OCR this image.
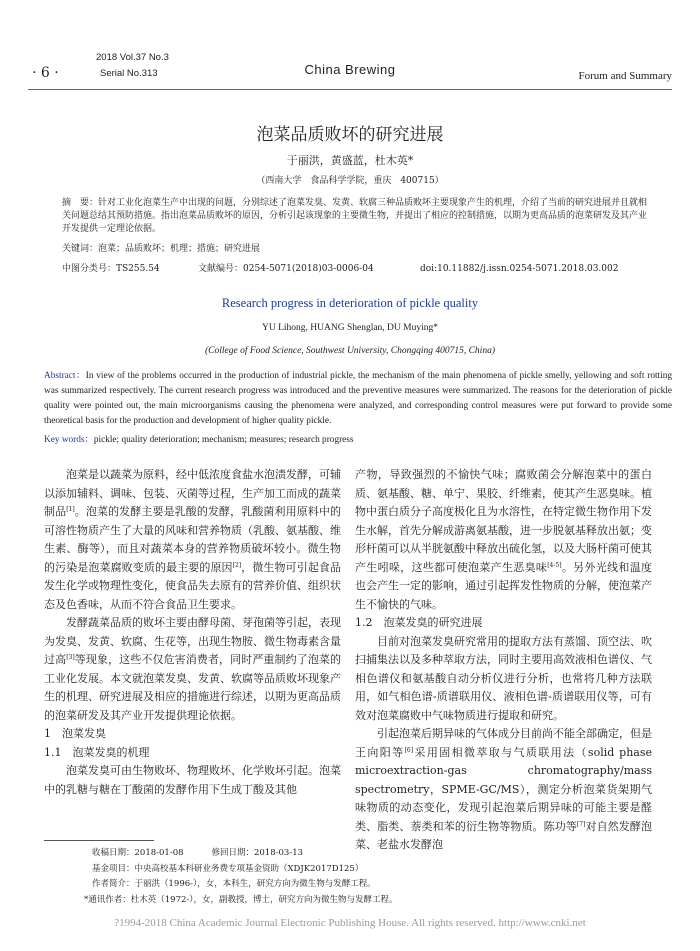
· 6 ·
2018 Vol.37 No.3
Serial No.313	China Brewing	Forum and Summary
泡菜品质败坏的研究进展
于丽洪，黄盛蓝，杜木英*
（西南大学　食品科学学院，重庆　400715）
摘　要：针对工业化泡菜生产中出现的问题，分别综述了泡菜发臭、发黄、软腐三种品质败坏主要现象产生的机理，介绍了当前的研究进展并且就相关问题总结其预防措施。指出泡菜品质败坏的原因，分析引起该现象的主要微生物，并提出了相应的控制措施，以期为更高品质的泡菜研发及其产业开发提供一定理论依据。
关键词：泡菜；品质败坏；机理；措施；研究进展
中图分类号：TS255.54	文献编号：0254-5071(2018)03-0006-04	doi:10.11882/j.issn.0254-5071.2018.03.002
Research progress in deterioration of pickle quality
YU Lihong, HUANG Shenglan, DU Muying*
(College of Food Science, Southwest University, Chongqing 400715, China)
Abstract：In view of the problems occurred in the production of industrial pickle, the mechanism of the main phenomena of pickle smelly, yellowing and soft rotting was summarized respectively. The current research progress was introduced and the preventive measures were summarized. The reasons for the deterioration of pickle quality were pointed out, the main microorganisms causing the phenomena were analyzed, and corresponding control measures were put forward to provide some theoretical basis for the production and development of higher quality pickle.
Key words：pickle; quality deterioration; mechanism; measures; research progress

泡菜是以蔬菜为原料，经中低浓度食盐水泡渍发酵，可辅以添加辅料、调味、包装、灭菌等过程，生产加工而成的蔬菜制品[1]。泡菜的发酵主要是乳酸的发酵，乳酸菌利用原料中的可溶性物质产生了大量的风味和营养物质（乳酸、氨基酸、维生素、酶等），而且对蔬菜本身的营养物质破坏较小。微生物的污染是泡菜腐败变质的最主要的原因[2]，微生物可引起食品发生化学或物理性变化，使食品失去原有的营养价值、组织状态及色香味，从而不符合食品卫生要求。

发酵蔬菜品质的败坏主要由酵母菌、芽孢菌等引起，表现为发臭、发黄、软腐、生花等，出现生物胺、微生物毒素含量过高[3]等现象，这些不仅危害消费者，同时严重制约了泡菜的工业化发展。本文就泡菜发臭、发黄、软腐等品质败坏现象产生的机理、研究进展及相应的措施进行综述，以期为更高品质的泡菜研发及其产业开发提供理论依据。

1　泡菜发臭

1.1　泡菜发臭的机理

泡菜发臭可由生物败坏、物理败坏、化学败坏引起。泡菜中的乳糖与糖在丁酸菌的发酵作用下生成丁酸及其他

产物，导致强烈的不愉快气味；腐败菌会分解泡菜中的蛋白质、氨基酸、糖、单宁、果胶、纤维素，使其产生恶臭味。植物中蛋白质分子高度极化且为水溶性，在特定微生物作用下发生水解，首先分解成游离氨基酸，进一步脱氨基释放出氨；变形杆菌可以从半胱氨酸中释放出硫化氢，以及大肠杆菌可使其产生吲哚，这些都可使泡菜产生恶臭味[4-5]。另外光线和温度也会产生一定的影响，通过引起挥发性物质的分解，使泡菜产生不愉快的气味。

1.2　泡菜发臭的研究进展

目前对泡菜发臭研究常用的提取方法有蒸馏、顶空法、吹扫捕集法以及多种萃取方法，同时主要用高效液相色谱仪、气相色谱仪和氨基酸自动分析仪进行分析，也常将几种方法联用，如气相色谱-质谱联用仪、液相色谱-质谱联用仪等，可有效对泡菜腐败中气味物质进行提取和研究。

引起泡菜后期异味的气体成分目前尚不能全部确定，但是王向阳等[6]采用固相微萃取与气质联用法（solid phase microextraction-gas chromatography/mass spectrometry，SPME-GC/MS），测定分析泡菜货架期气味物质的动态变化，发现引起泡菜后期异味的可能主要是醛类、脂类、萘类和苯的衍生物等物质。陈功等[7]对自然发酵泡菜、老盐水发酵泡

收稿日期：2018-01-08	修回日期：2018-03-13
基金项目：中央高校基本科研业务费专项基金资助（XDJK2017D125）
作者简介：于丽洪（1996-），女，本科生，研究方向为微生物与发酵工程。
*通讯作者：杜木英（1972-），女，副教授，博士，研究方向为微生物与发酵工程。
?1994-2018 China Academic Journal Electronic Publishing House. All rights reserved. http://www.cnki.net
